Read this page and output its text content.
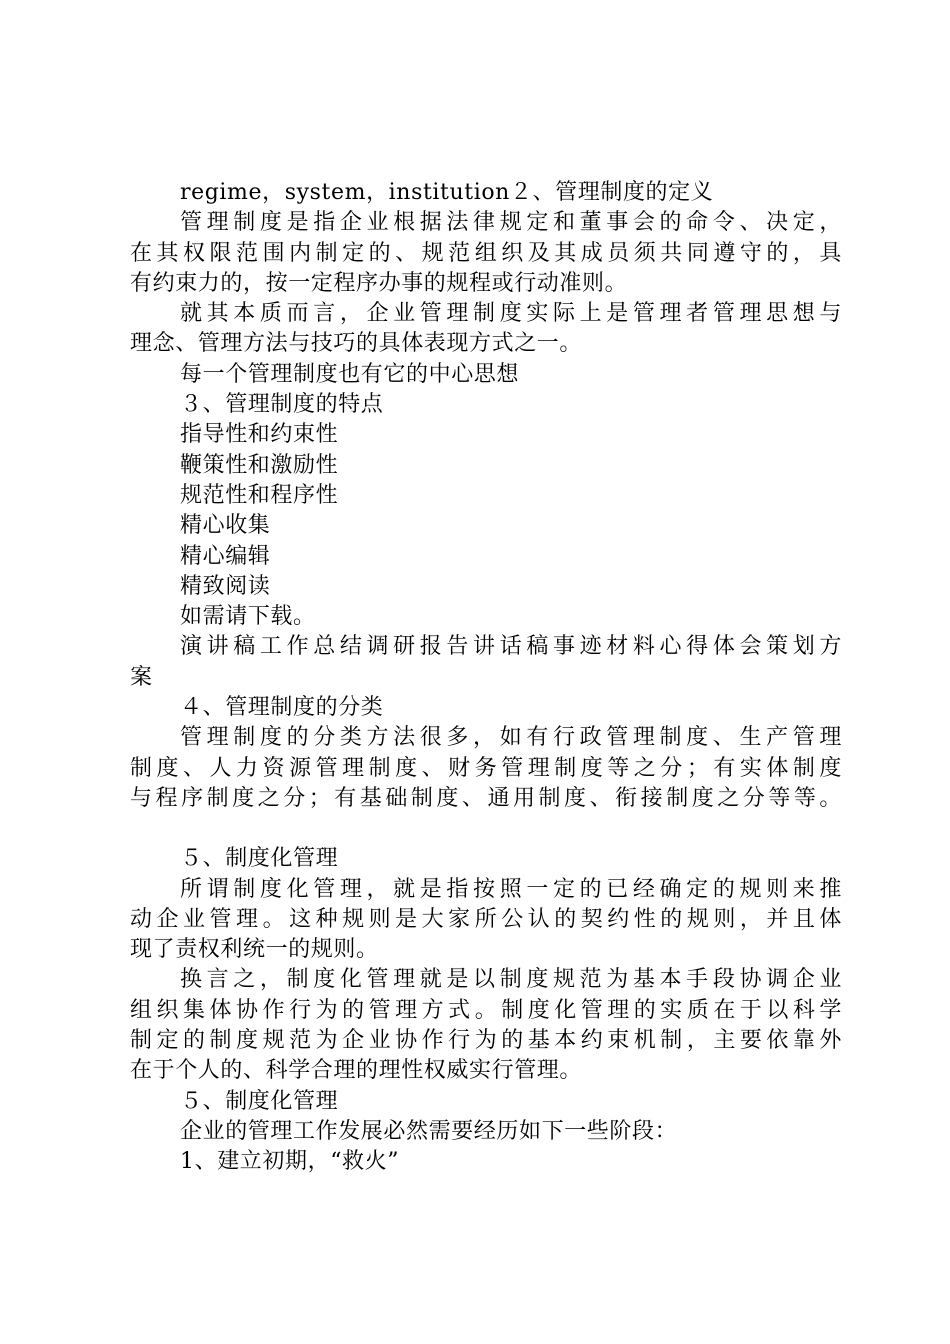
regime，system，institution２、管理制度的定义
管理制度是指企业根据法律规定和董事会的命令、决定，
在其权限范围内制定的、规范组织及其成员须共同遵守的，具
有约束力的，按一定程序办事的规程或行动准则。
就其本质而言，企业管理制度实际上是管理者管理思想与
理念、管理方法与技巧的具体表现方式之一。
每一个管理制度也有它的中心思想
３、管理制度的特点
指导性和约束性
鞭策性和激励性
规范性和程序性
精心收集
精心编辑
精致阅读
如需请下载。
演讲稿工作总结调研报告讲话稿事迹材料心得体会策划方
案
４、管理制度的分类
管理制度的分类方法很多，如有行政管理制度、生产管理
制度、人力资源管理制度、财务管理制度等之分；有实体制度
与程序制度之分；有基础制度、通用制度、衔接制度之分等等。
５、制度化管理
所谓制度化管理，就是指按照一定的已经确定的规则来推
动企业管理。这种规则是大家所公认的契约性的规则，并且体
现了责权利统一的规则。
换言之，制度化管理就是以制度规范为基本手段协调企业
组织集体协作行为的管理方式。制度化管理的实质在于以科学
制定的制度规范为企业协作行为的基本约束机制，主要依靠外
在于个人的、科学合理的理性权威实行管理。
５、制度化管理
企业的管理工作发展必然需要经历如下一些阶段：
1、建立初期，“救火”
